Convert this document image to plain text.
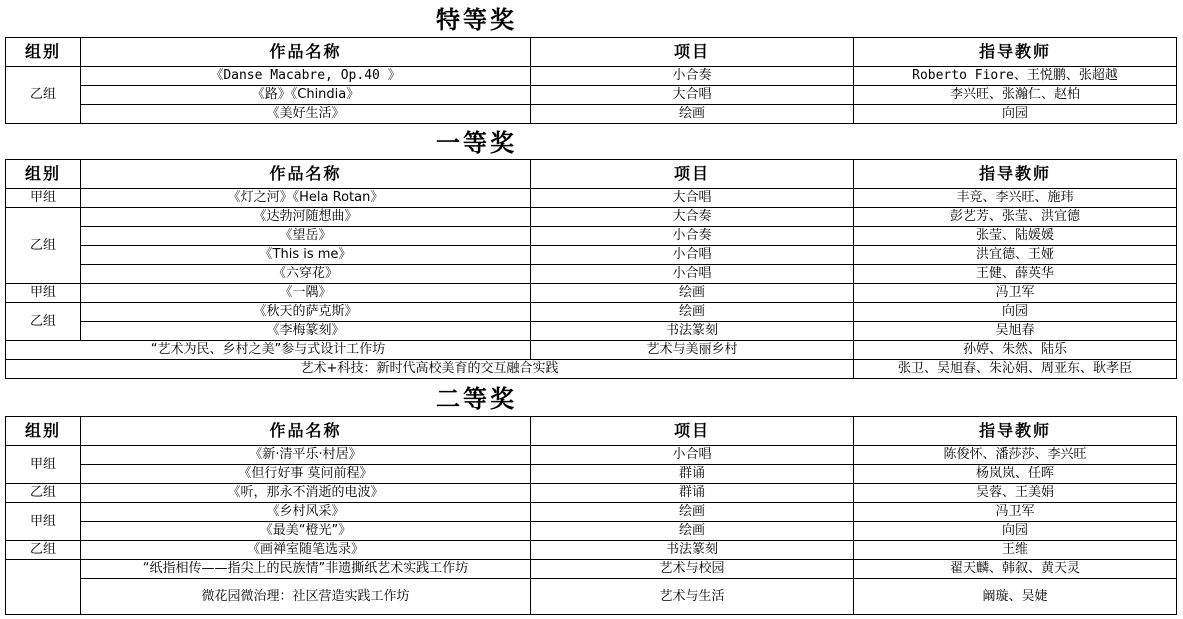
特等奖
组别	作品名称	项目	指导教师
乙组	《Danse Macabre, Op.40 》	小合奏	Roberto Fiore、王悦鹏、张超越
	《路》《Chindia》	大合唱	李兴旺、张瀚仁、赵柏
	《美好生活》	绘画	向园
一等奖
组别	作品名称	项目	指导教师
甲组	《灯之河》《Hela Rotan》	大合唱	丰竞、李兴旺、施玮
乙组	《达勃河随想曲》	大合奏	彭艺芳、张莹、洪宜德
	《望岳》	小合奏	张莹、陆媛媛
	《This is me》	小合唱	洪宜德、王娅
	《六穿花》	小合唱	王健、薛英华
甲组	《一隅》	绘画	冯卫军
乙组	《秋天的萨克斯》	绘画	向园
	《李梅篆刻》	书法篆刻	吴旭春
“艺术为民、乡村之美”参与式设计工作坊		艺术与美丽乡村	孙婷、朱然、陆乐
艺术+科技：新时代高校美育的交互融合实践			张卫、吴旭春、朱沁娟、周亚东、耿孝臣
二等奖
组别	作品名称	项目	指导教师
甲组	《新·清平乐·村居》	小合唱	陈俊怀、潘莎莎、李兴旺
	《但行好事 莫问前程》	群诵	杨岚岚、任晖
乙组	《听，那永不消逝的电波》	群诵	吴蓉、王美娟
甲组	《乡村风采》	绘画	冯卫军
	《最美“橙光”》	绘画	向园
乙组	《画禅室随笔选录》	书法篆刻	王维
	“纸指相传——指尖上的民族情”非遗撕纸艺术实践工作坊	艺术与校园	翟天麟、韩叙、黄天灵
	微花园微治理：社区营造实践工作坊	艺术与生活	阚璇、吴婕
